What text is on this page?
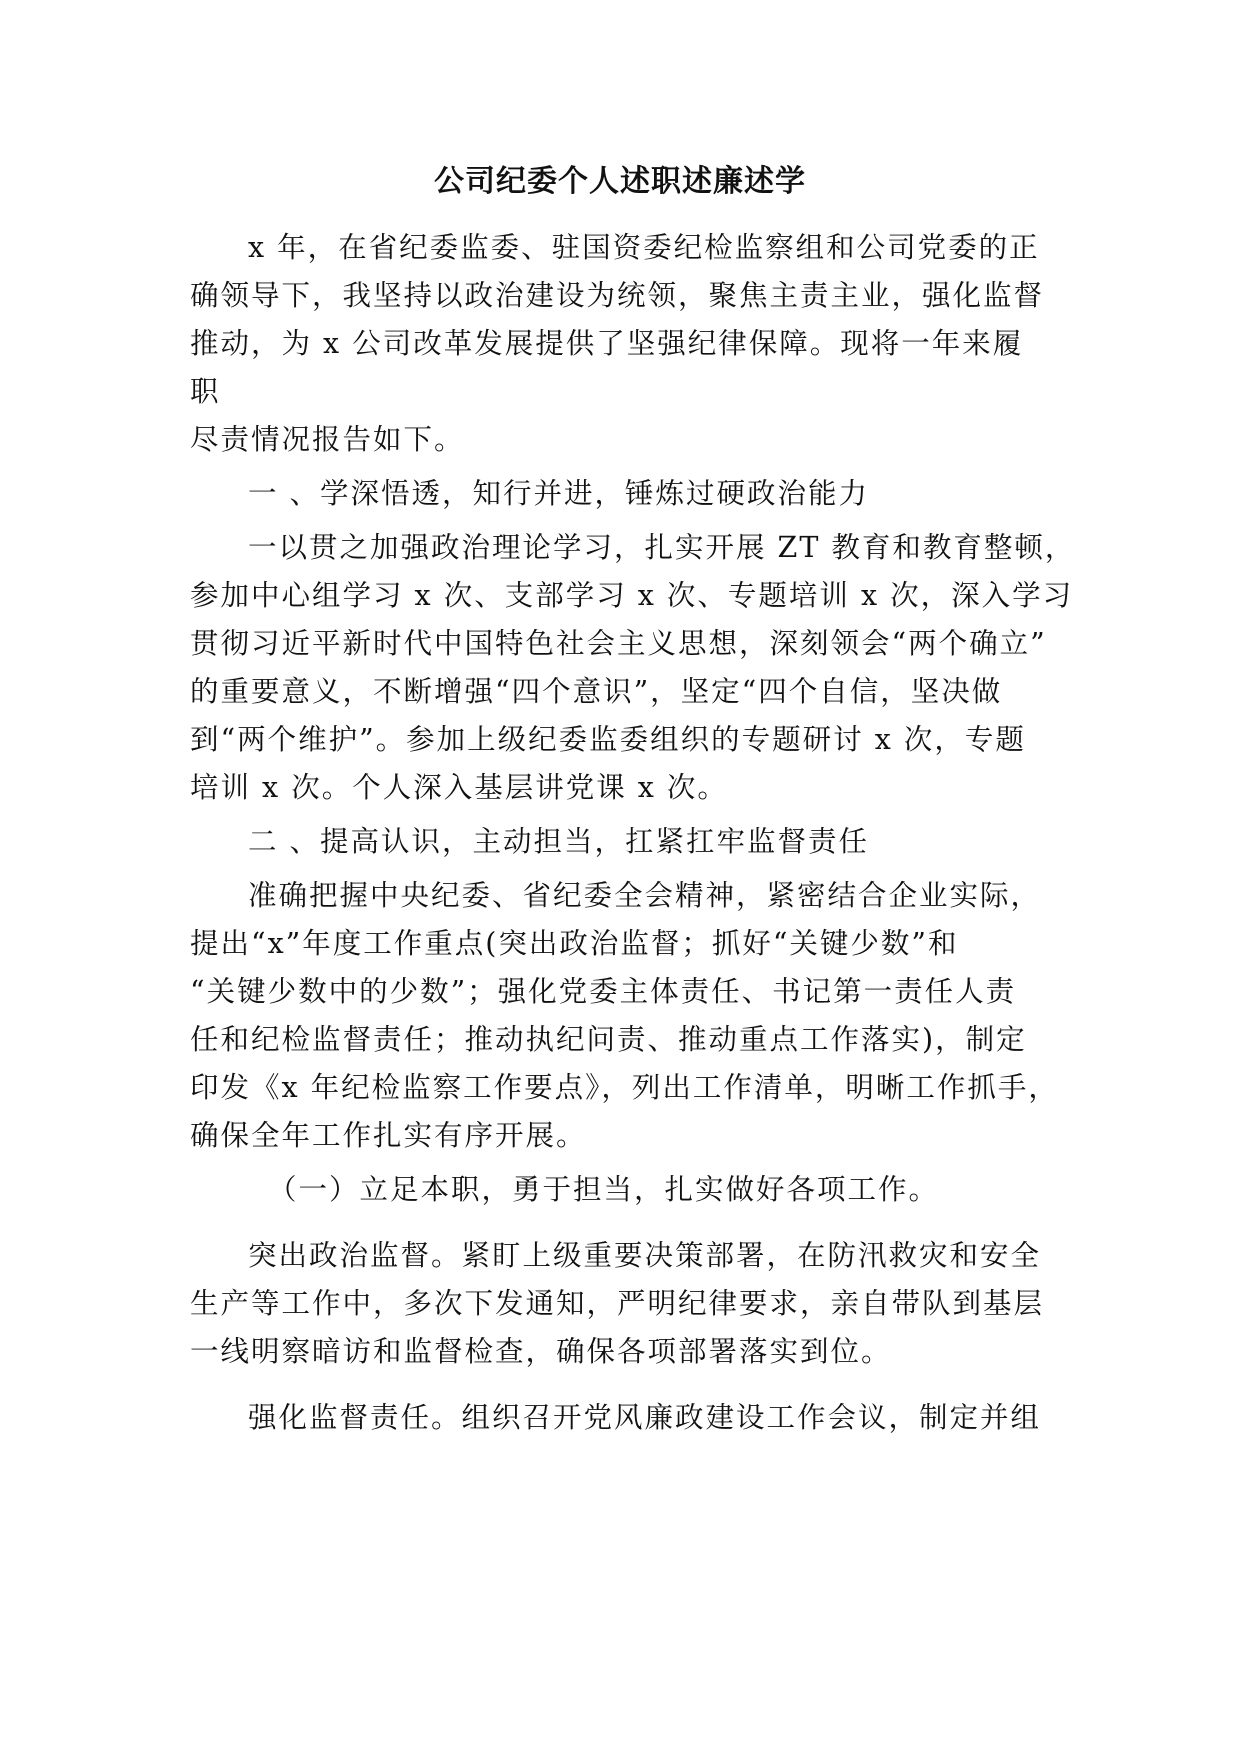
公司纪委个人述职述廉述学
x 年，在省纪委监委、驻国资委纪检监察组和公司党委的正
确领导下，我坚持以政治建设为统领，聚焦主责主业，强化监督
推动，为 x 公司改革发展提供了坚强纪律保障。现将一年来履
职
尽责情况报告如下。
一 、学深悟透，知行并进，锤炼过硬政治能力
一以贯之加强政治理论学习，扎实开展 ZT 教育和教育整顿，
参加中心组学习 x 次、支部学习 x 次、专题培训 x 次，深入学习
贯彻习近平新时代中国特色社会主义思想，深刻领会“两个确立”
的重要意义，不断增强“四个意识”，坚定“四个自信，坚决做
到“两个维护”。参加上级纪委监委组织的专题研讨 x 次，专题
培训 x 次。个人深入基层讲党课 x 次。
二 、提高认识，主动担当，扛紧扛牢监督责任
准确把握中央纪委、省纪委全会精神，紧密结合企业实际，
提出“x”年度工作重点(突出政治监督；抓好“关键少数”和
“关键少数中的少数”；强化党委主体责任、书记第一责任人责
任和纪检监督责任；推动执纪问责、推动重点工作落实)，制定
印发《x 年纪检监察工作要点》，列出工作清单，明晰工作抓手，
确保全年工作扎实有序开展。
（一）立足本职，勇于担当，扎实做好各项工作。
突出政治监督。紧盯上级重要决策部署，在防汛救灾和安全
生产等工作中，多次下发通知，严明纪律要求，亲自带队到基层
一线明察暗访和监督检查，确保各项部署落实到位。
强化监督责任。组织召开党风廉政建设工作会议，制定并组
